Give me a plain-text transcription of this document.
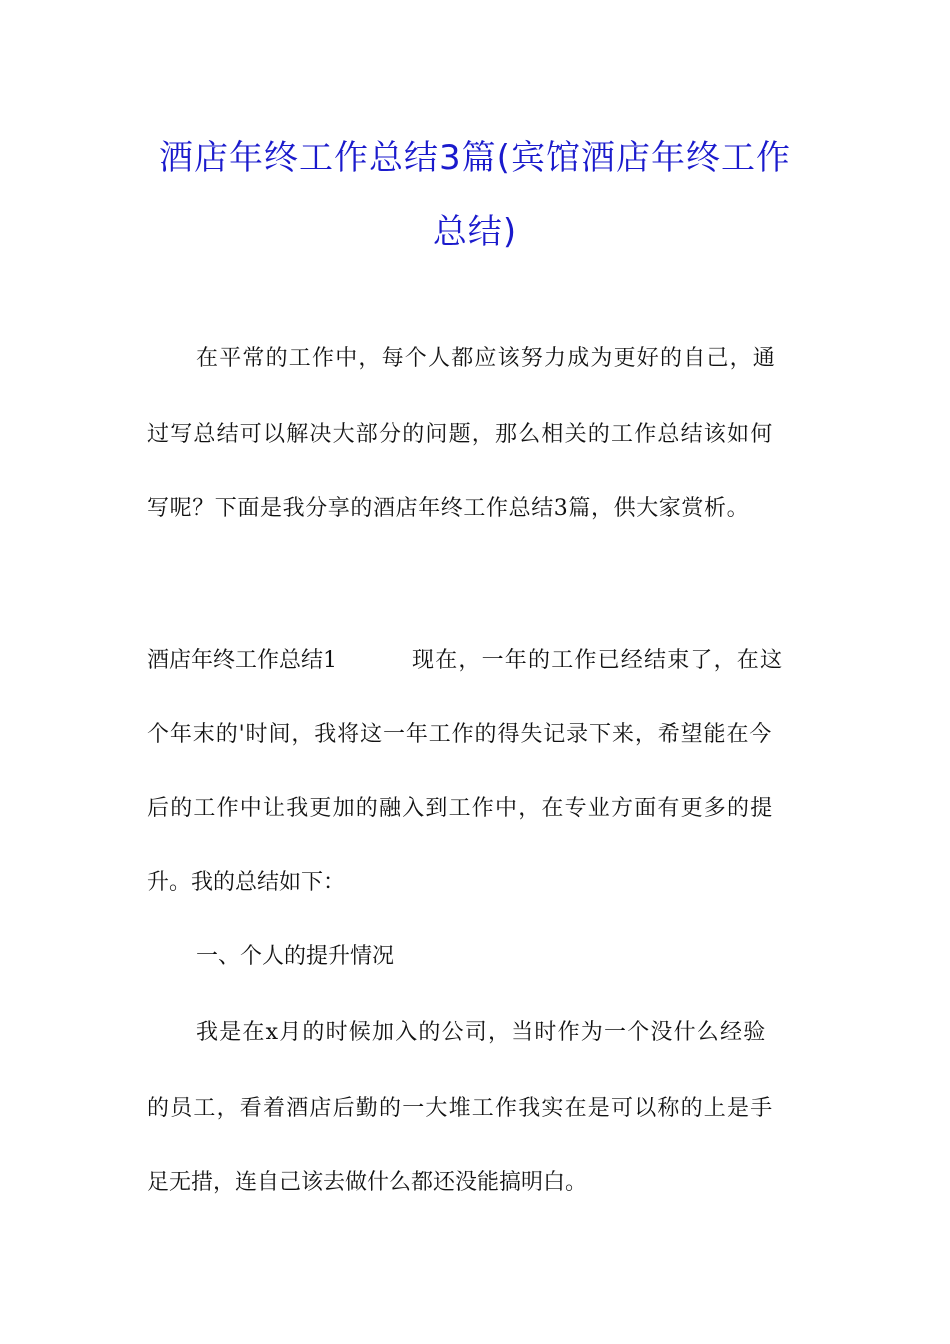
酒店年终工作总结3篇(宾馆酒店年终工作
总结)
在平常的工作中，每个人都应该努力成为更好的自己，通
过写总结可以解决大部分的问题，那么相关的工作总结该如何
写呢？下面是我分享的酒店年终工作总结3篇，供大家赏析。
酒店年终工作总结1	现在，一年的工作已经结束了，在这
个年末的'时间，我将这一年工作的得失记录下来，希望能在今
后的工作中让我更加的融入到工作中，在专业方面有更多的提
升。我的总结如下：
一、个人的提升情况
我是在x月的时候加入的公司，当时作为一个没什么经验
的员工，看着酒店后勤的一大堆工作我实在是可以称的上是手
足无措，连自己该去做什么都还没能搞明白。
